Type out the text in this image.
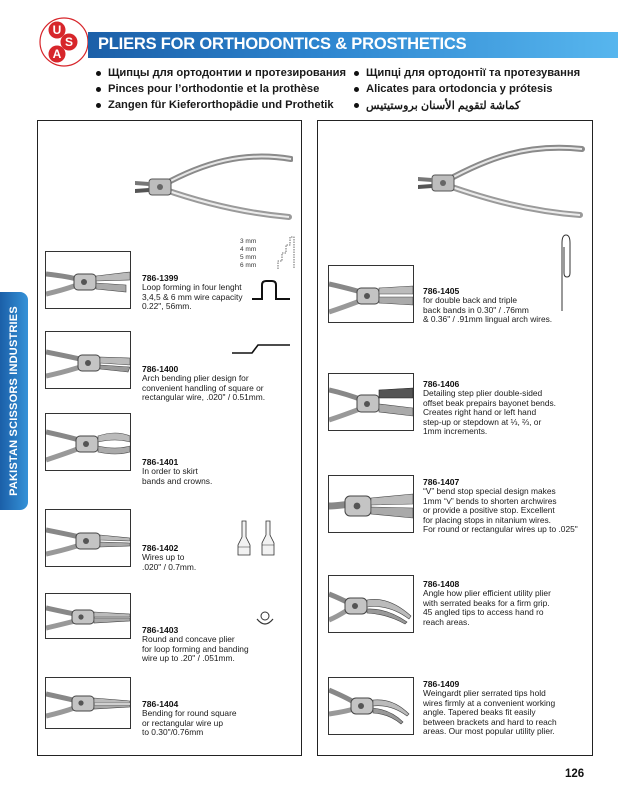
U
S
A
PLIERS FOR ORTHODONTICS & PROSTHETICS
Щипцы для ортодонтии и протезирования
Pinces pour l’orthodontie et la prothèse
Zangen für Kieferorthopädie und Prothetik
Щипці для ортодонтії та протезування
Alicates para ortodoncia y prótesis
كماشة لتقويم الأسنان بروستيتيس
PAKISTAN SCISSORS INDUSTRIES
3 mm
4 mm
5 mm
6 mm
786-1399
Loop forming in four lenght
3,4,5 & 6 mm wire capacity
0.22", 56mm.
786-1400
Arch bending plier design for
convenient handling of square or
rectangular wire, .020" / 0.51mm.
786-1401
In order to skirt
bands and crowns.
786-1402
Wires up to
.020" / 0.7mm.
786-1403
Round and concave plier
for loop forming and banding
wire up to .20" / .051mm.
786-1404
Bending for round square
or rectangular wire up
to 0.30"/0.76mm
786-1405
for double back and triple
back bands in 0.30" / .76mm
& 0.36" / .91mm lingual arch wires.
786-1406
Detailing step plier double-sided
offset beak prepairs bayonet bends.
Creates right hand or left hand
step-up or stepdown at ⅓, ⅔, or
1mm increments.
786-1407
“V” bend stop special design makes
1mm “v” bends to shorten archwires
or provide a positive stop. Excellent
for placing stops in nitanium wires.
For round or rectangular wires up to .025"
786-1408
Angle how plier efficient utility plier
with serrated beaks for a firm grip.
45 angled tips to access hand ro
reach areas.
786-1409
Weingardt plier serrated tips hold
wires firmly at a convenient working
angle. Tapered beaks fit easily
between brackets and hard to reach
areas. Our most popular utility plier.
126
